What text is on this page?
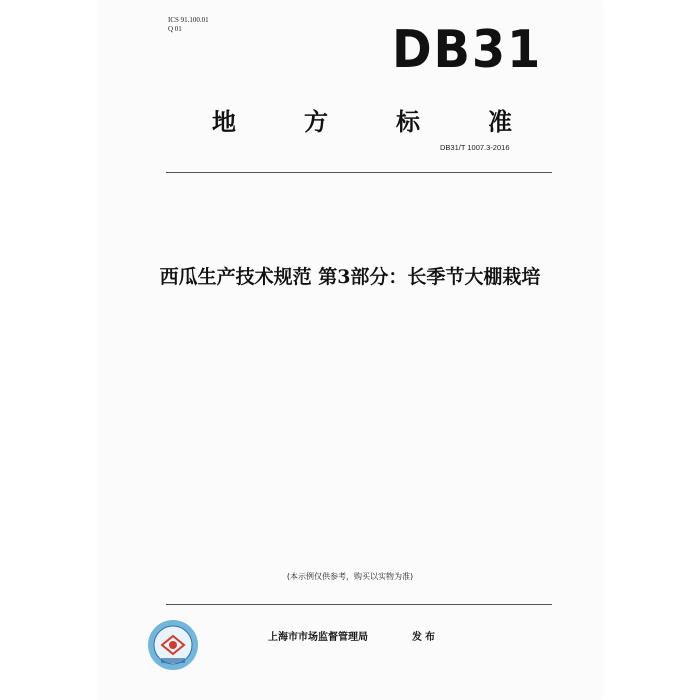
ICS 91.100.01
Q 01	DB31
地	方	标	准
DB31/T 1007.3-2016
西瓜生产技术规范 第3部分：长季节大棚栽培
(本示例仅供参考，购买以实物为准)
上海市市场监督管理局	发布
